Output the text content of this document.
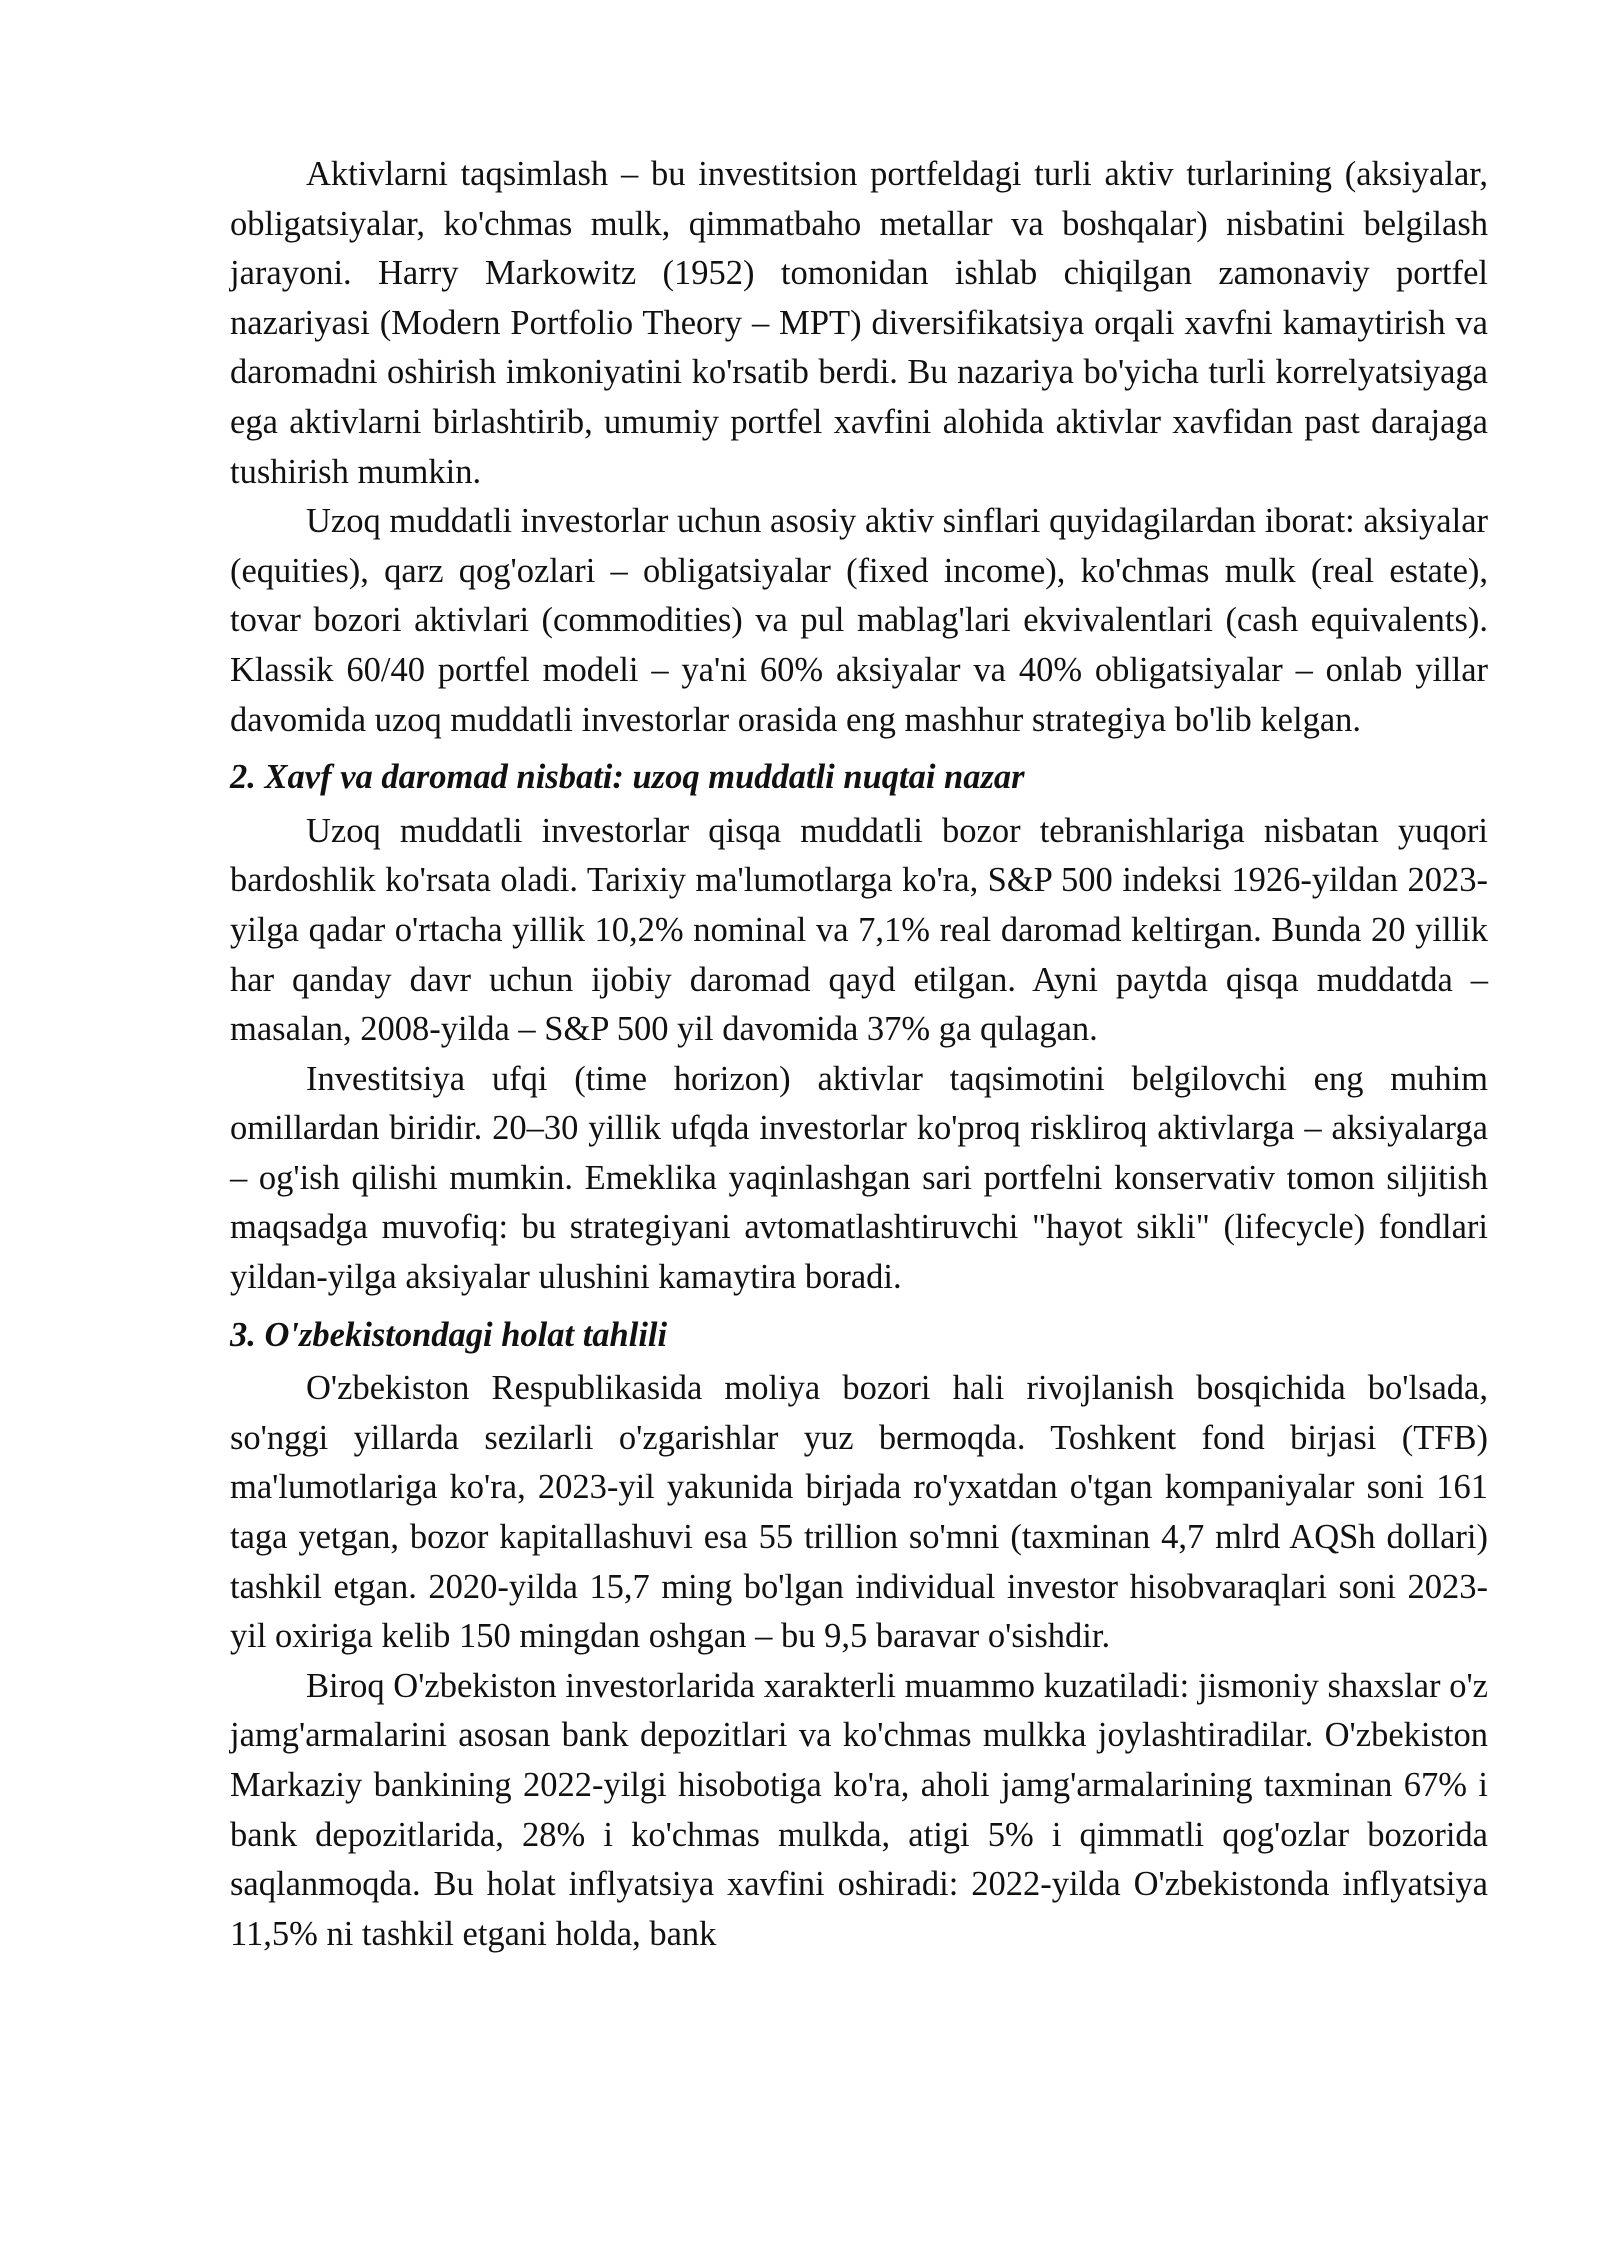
Aktivlarni taqsimlash – bu investitsion portfeldagi turli aktiv turlarining (aksiyalar, obligatsiyalar, ko'chmas mulk, qimmatbaho metallar va boshqalar) nisbatini belgilash jarayoni. Harry Markowitz (1952) tomonidan ishlab chiqilgan zamonaviy portfel nazariyasi (Modern Portfolio Theory – MPT) diversifikatsiya orqali xavfni kamaytirish va daromadni oshirish imkoniyatini ko'rsatib berdi. Bu nazariya bo'yicha turli korrelyatsiyaga ega aktivlarni birlashtirib, umumiy portfel xavfini alohida aktivlar xavfidan past darajaga tushirish mumkin.

Uzoq muddatli investorlar uchun asosiy aktiv sinflari quyidagilardan iborat: aksiyalar (equities), qarz qog'ozlari – obligatsiyalar (fixed income), ko'chmas mulk (real estate), tovar bozori aktivlari (commodities) va pul mablag'lari ekvivalentlari (cash equivalents). Klassik 60/40 portfel modeli – ya'ni 60% aksiyalar va 40% obligatsiyalar – onlab yillar davomida uzoq muddatli investorlar orasida eng mashhur strategiya bo'lib kelgan.

2. Xavf va daromad nisbati: uzoq muddatli nuqtai nazar

Uzoq muddatli investorlar qisqa muddatli bozor tebranishlariga nisbatan yuqori bardoshlik ko'rsata oladi. Tarixiy ma'lumotlarga ko'ra, S&P 500 indeksi 1926-yildan 2023-yilga qadar o'rtacha yillik 10,2% nominal va 7,1% real daromad keltirgan. Bunda 20 yillik har qanday davr uchun ijobiy daromad qayd etilgan. Ayni paytda qisqa muddatda – masalan, 2008-yilda – S&P 500 yil davomida 37% ga qulagan.

Investitsiya ufqi (time horizon) aktivlar taqsimotini belgilovchi eng muhim omillardan biridir. 20–30 yillik ufqda investorlar ko'proq riskliroq aktivlarga – aksiyalarga – og'ish qilishi mumkin. Emeklika yaqinlashgan sari portfelni konservativ tomon siljitish maqsadga muvofiq: bu strategiyani avtomatlashtiruvchi "hayot sikli" (lifecycle) fondlari yildan-yilga aksiyalar ulushini kamaytira boradi.

3. O'zbekistondagi holat tahlili

O'zbekiston Respublikasida moliya bozori hali rivojlanish bosqichida bo'lsada, so'nggi yillarda sezilarli o'zgarishlar yuz bermoqda. Toshkent fond birjasi (TFB) ma'lumotlariga ko'ra, 2023-yil yakunida birjada ro'yxatdan o'tgan kompaniyalar soni 161 taga yetgan, bozor kapitallashuvi esa 55 trillion so'mni (taxminan 4,7 mlrd AQSh dollari) tashkil etgan. 2020-yilda 15,7 ming bo'lgan individual investor hisobvaraqlari soni 2023-yil oxiriga kelib 150 mingdan oshgan – bu 9,5 baravar o'sishdir.

Biroq O'zbekiston investorlarida xarakterli muammo kuzatiladi: jismoniy shaxslar o'z jamg'armalarini asosan bank depozitlari va ko'chmas mulkka joylashtiradilar. O'zbekiston Markaziy bankining 2022-yilgi hisobotiga ko'ra, aholi jamg'armalarining taxminan 67% i bank depozitlarida, 28% i ko'chmas mulkda, atigi 5% i qimmatli qog'ozlar bozorida saqlanmoqda. Bu holat inflyatsiya xavfini oshiradi: 2022-yilda O'zbekistonda inflyatsiya 11,5% ni tashkil etgani holda, bank
